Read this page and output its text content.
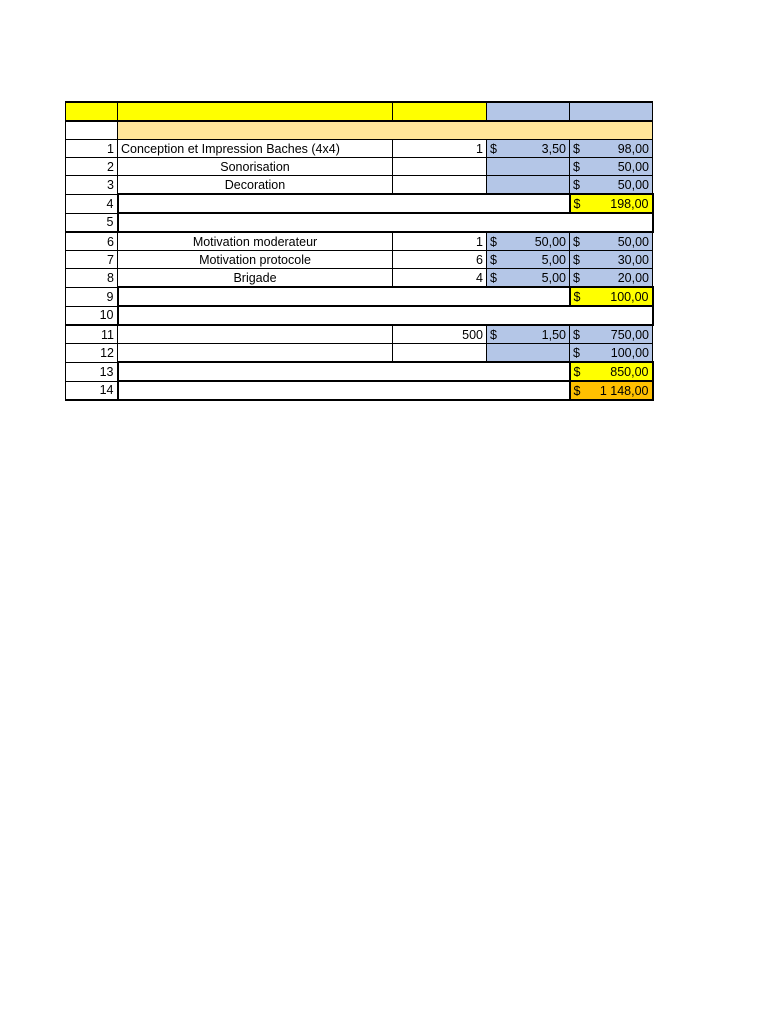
1	Conception et Impression Baches (4x4)	1	$ 3,50	$ 98,00

2	Sonorisation			$ 50,00

3	Decoration			$ 50,00

4				$ 198,00

5				
6	Motivation moderateur	1	$ 50,00	$ 50,00

7	Motivation protocole	6	$ 5,00	$ 30,00

8	Brigade	4	$ 5,00	$ 20,00

9				$ 100,00

10				
11		500	$ 1,50	$ 750,00

12				$ 100,00

13				$ 850,00

14				$ 1 148,00
